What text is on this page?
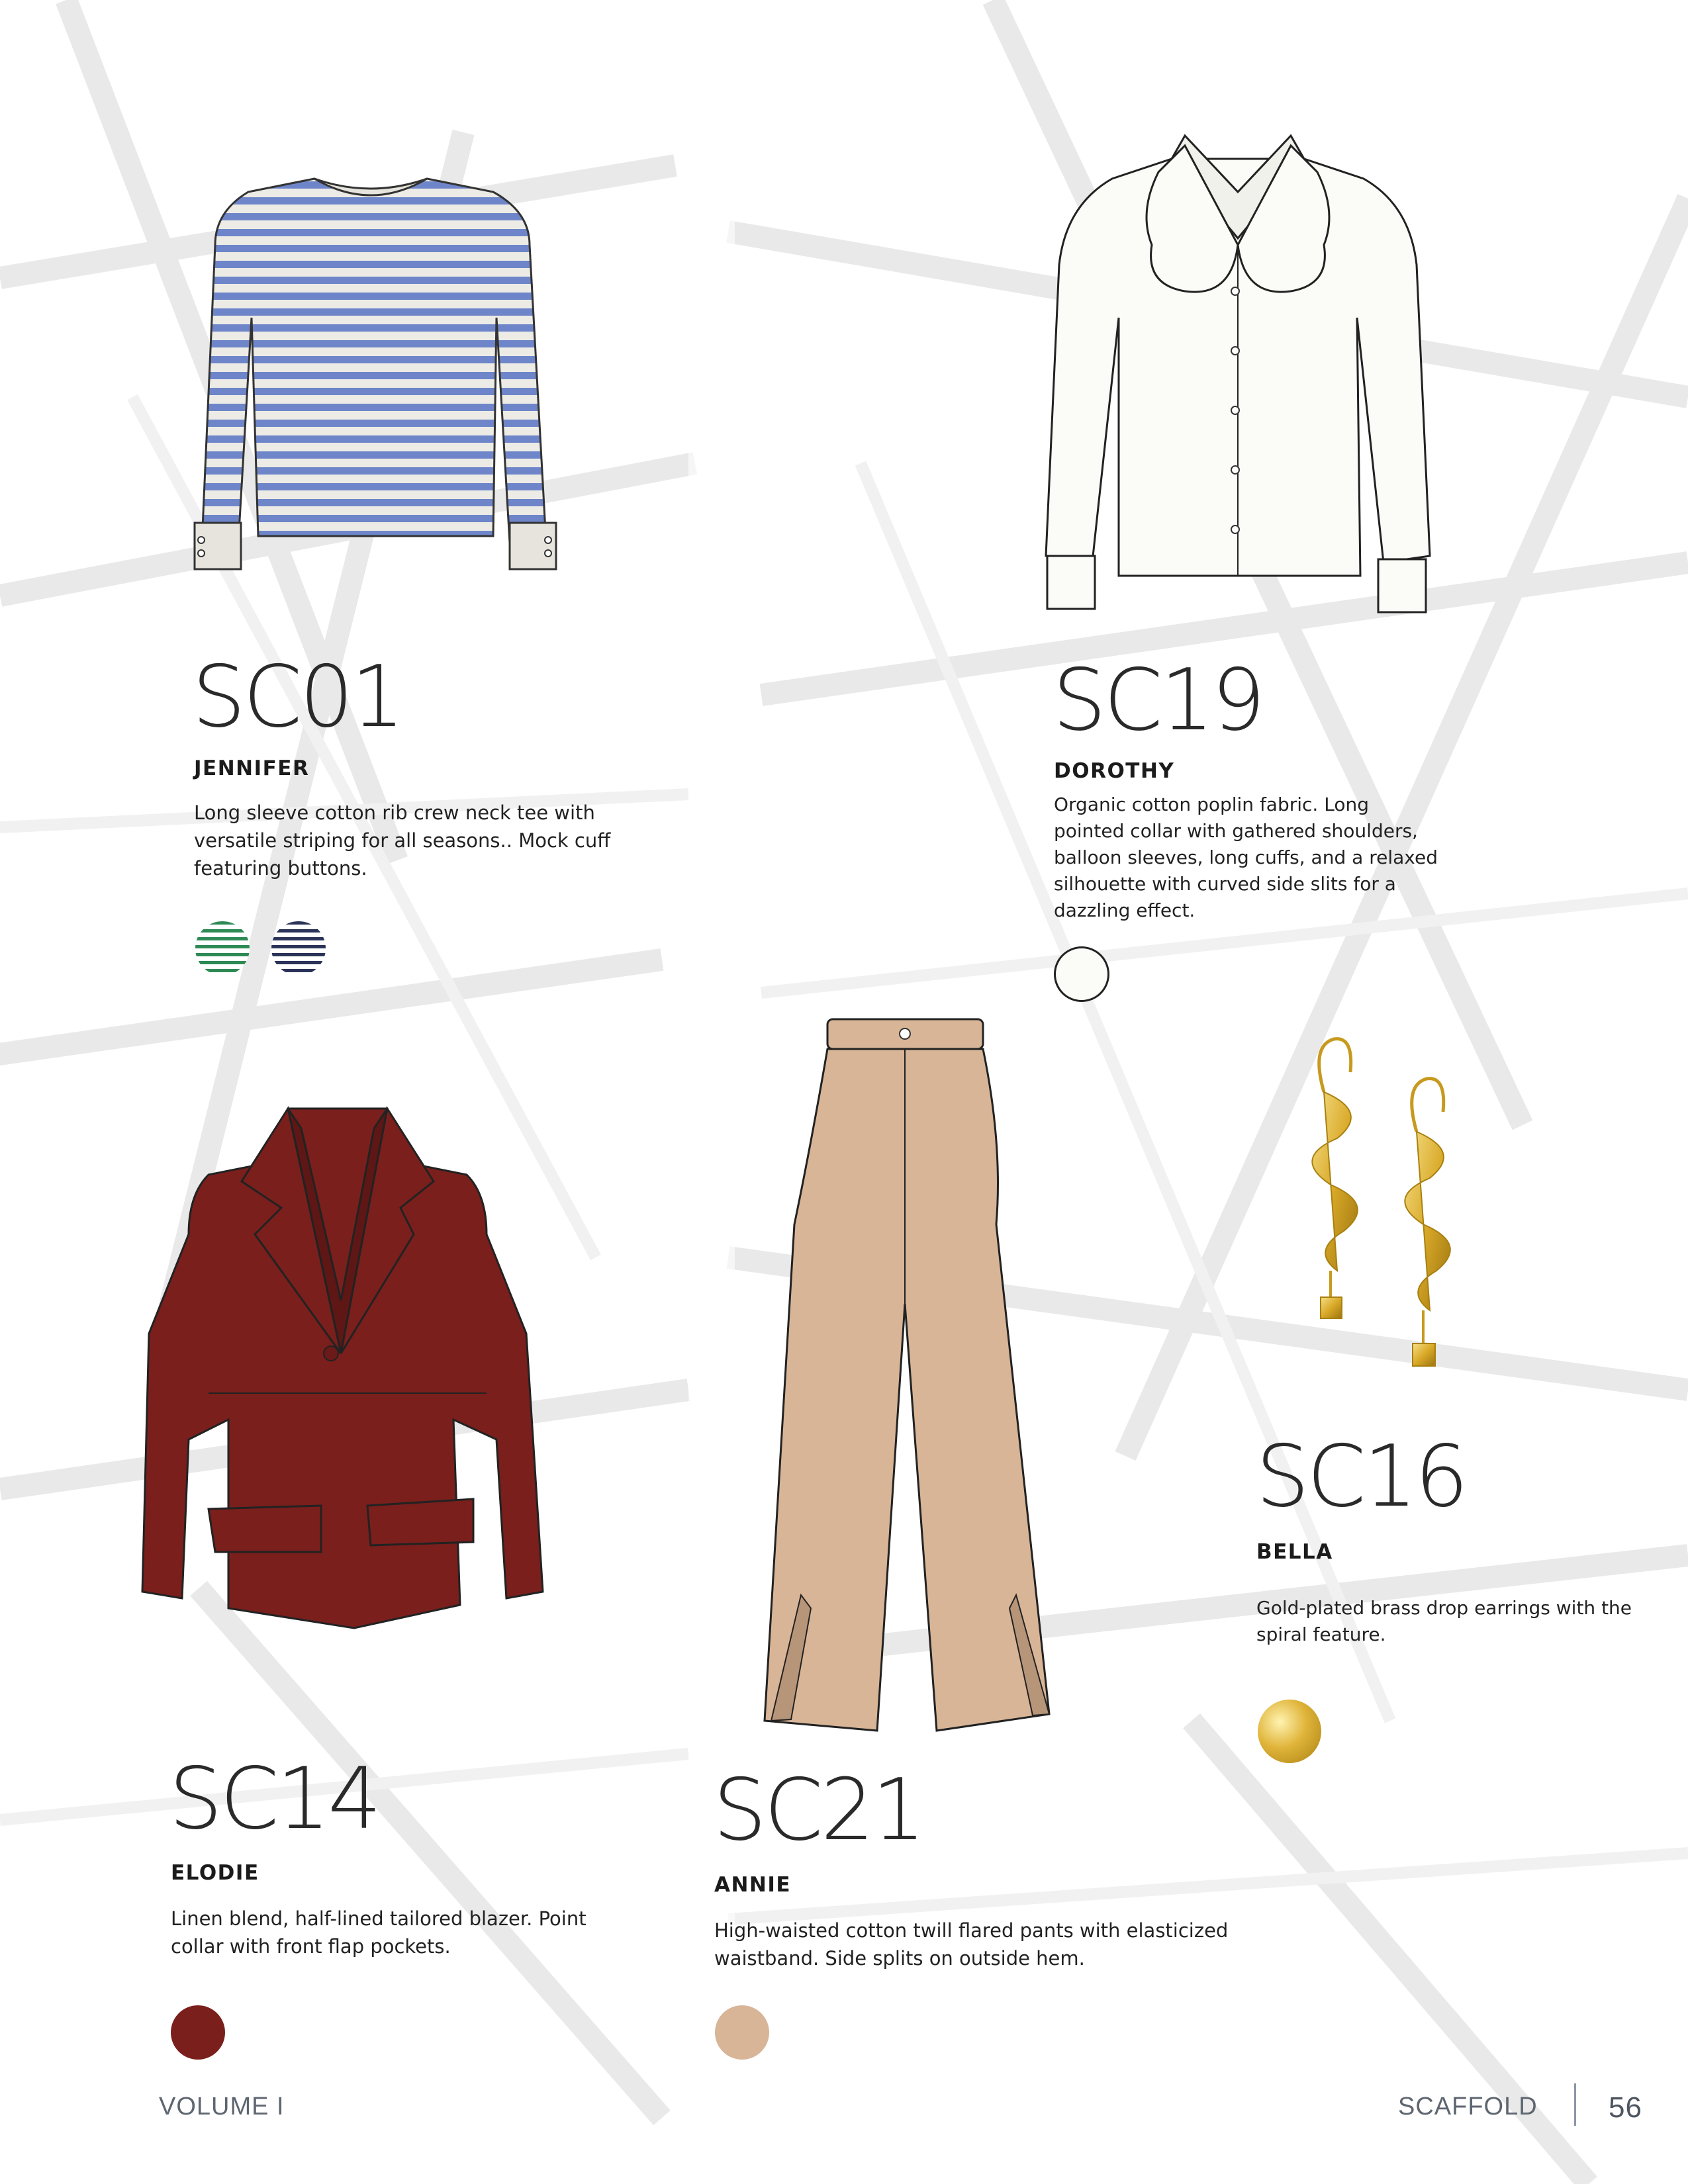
SC01
JENNIFER
Long sleeve cotton rib crew neck tee with versatile striping for all seasons.. Mock cuff featuring buttons.
SC19
DOROTHY
Organic cotton poplin fabric. Long pointed collar with gathered shoulders, balloon sleeves, long cuffs, and a relaxed silhouette with curved side slits for a dazzling effect.
SC16
BELLA
Gold-plated brass drop earrings with the spiral feature.
SC14
ELODIE
Linen blend, half-lined tailored blazer. Point collar with front flap pockets.
SC21
ANNIE
High-waisted cotton twill flared pants with elasticized waistband. Side splits on outside hem.
VOLUME I	SCAFFOLD 56
